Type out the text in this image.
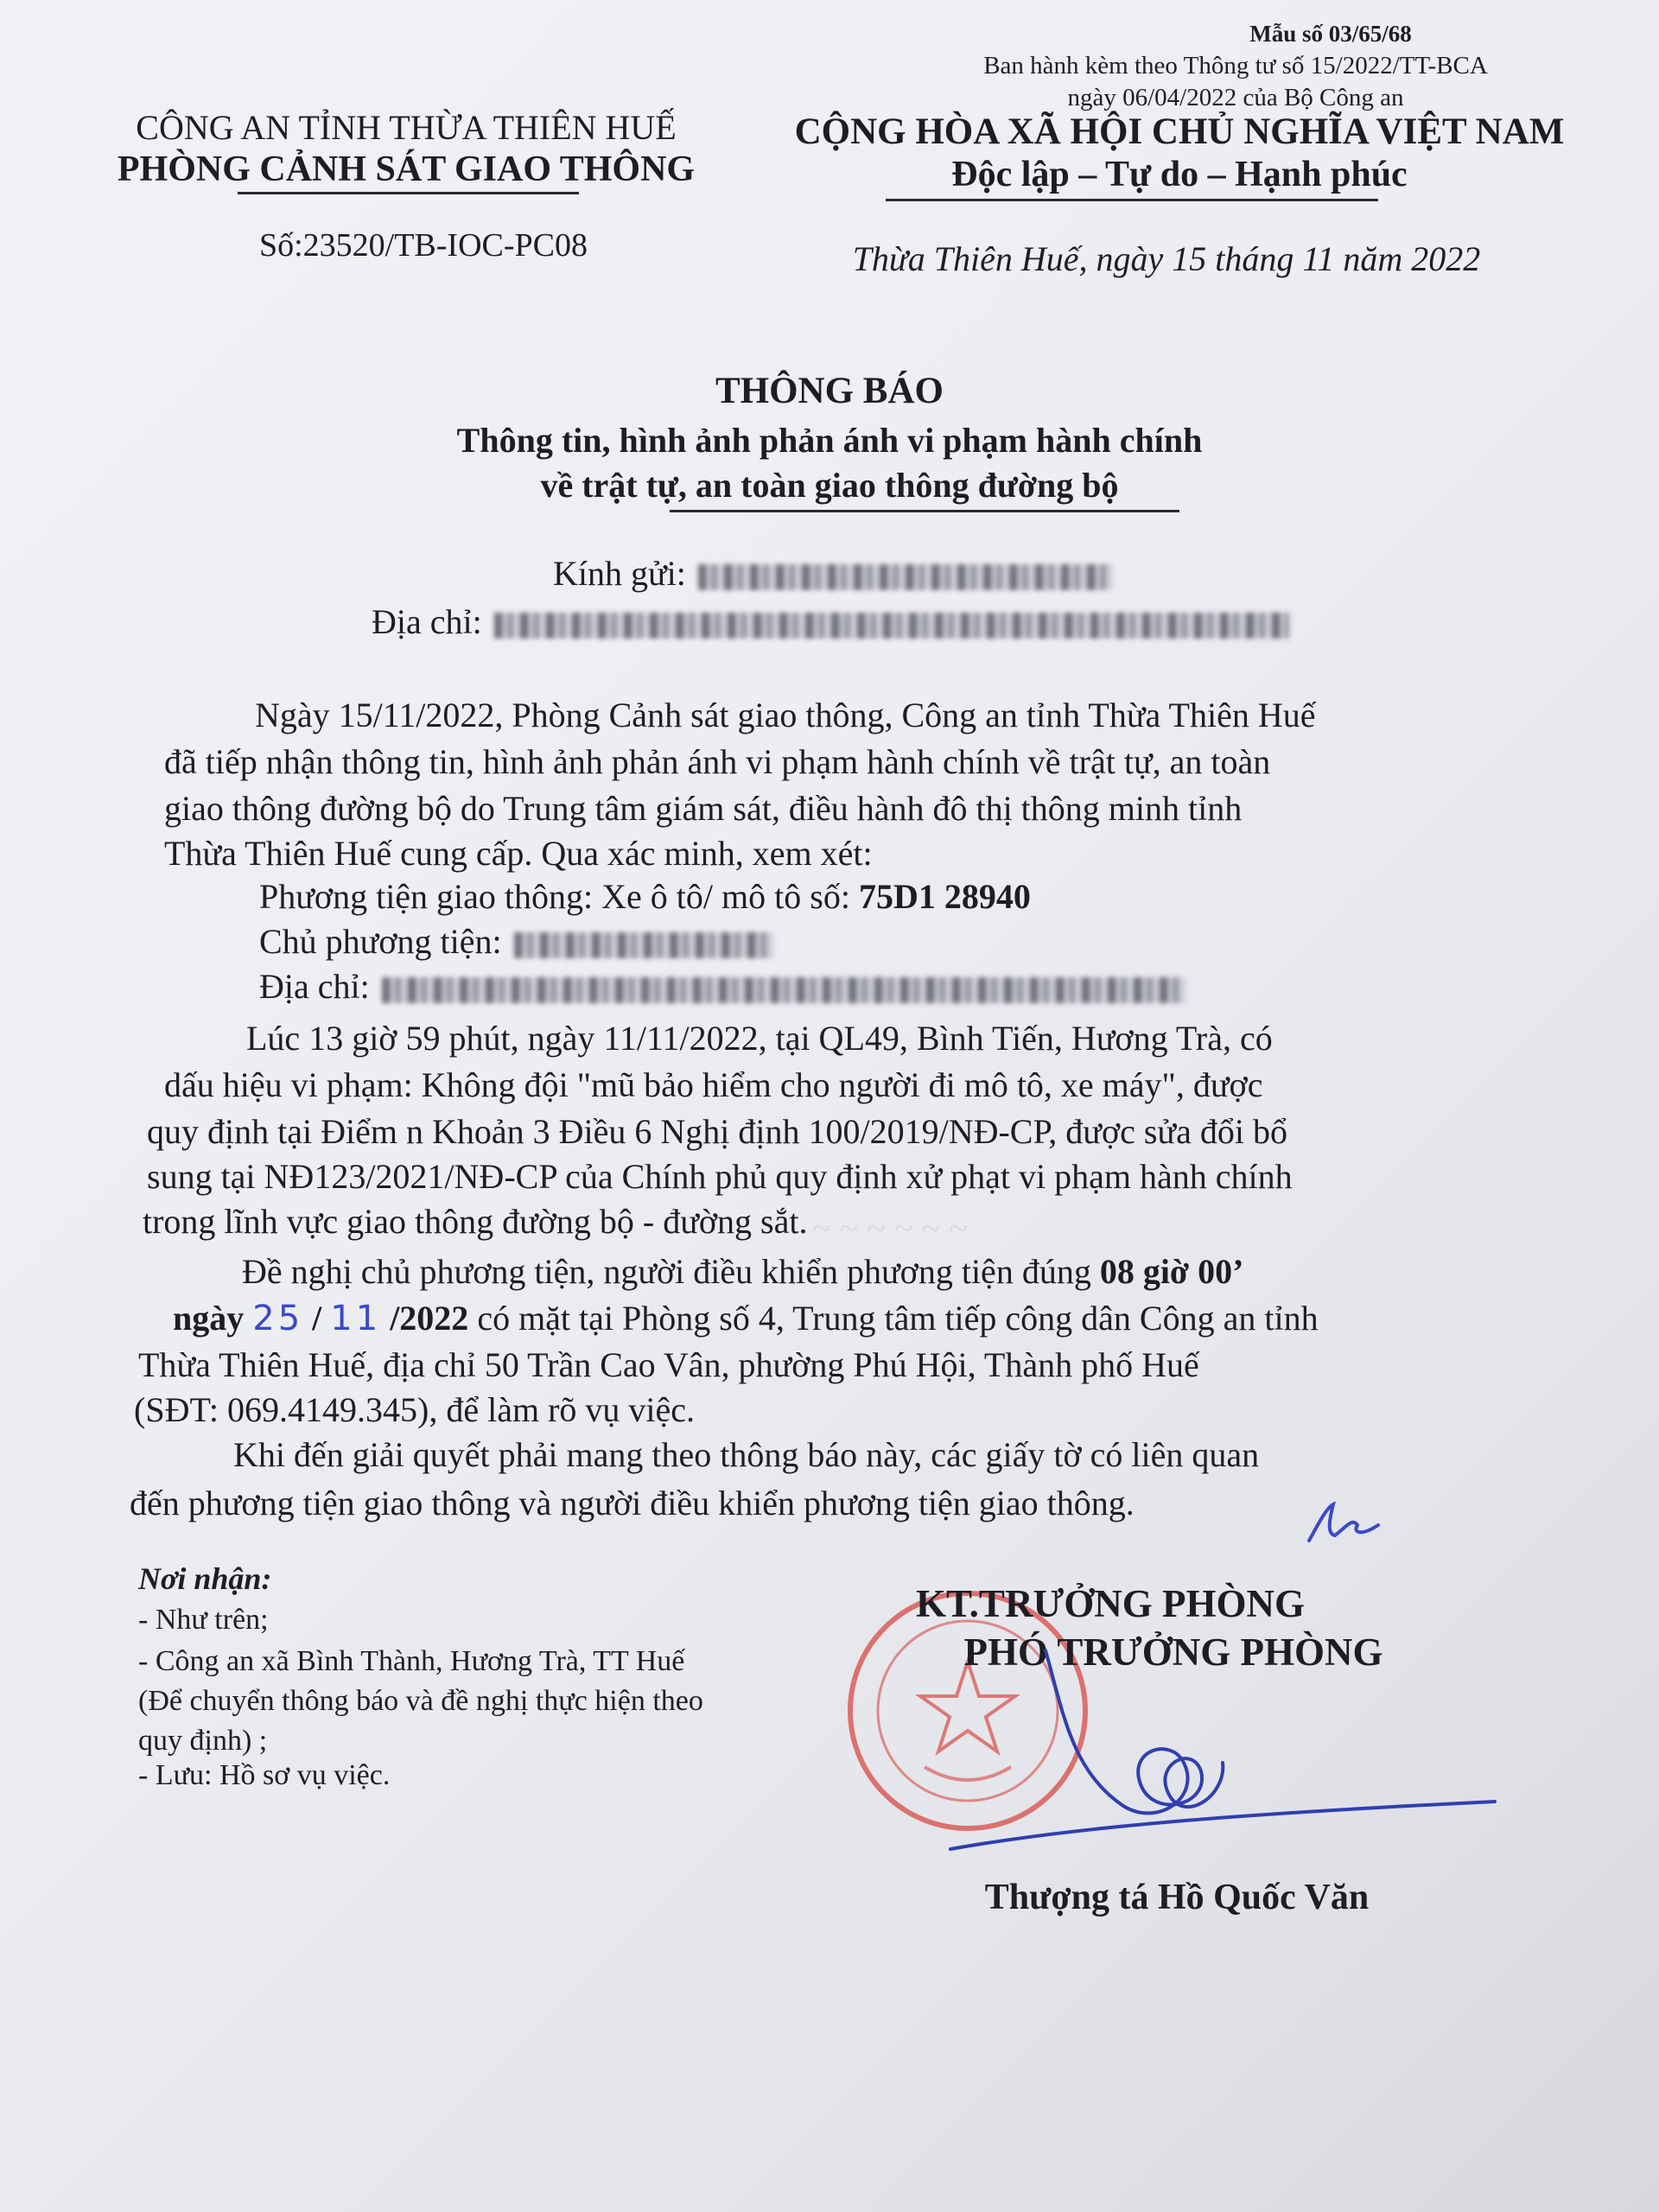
~ ~ ~ ~ ~ ~
Mẫu số 03/65/68
Ban hành kèm theo Thông tư số 15/2022/TT-BCA
ngày 06/04/2022 của Bộ Công an
CÔNG AN TỈNH THỪA THIÊN HUẾ
PHÒNG CẢNH SÁT GIAO THÔNG
CỘNG HÒA XÃ HỘI CHỦ NGHĨA VIỆT NAM
Độc lập – Tự do – Hạnh phúc
Số:23520/TB-IOC-PC08	Thừa Thiên Huế, ngày 15 tháng 11 năm 2022
THÔNG BÁO
Thông tin, hình ảnh phản ánh vi phạm hành chính
về trật tự, an toàn giao thông đường bộ
Kính gửi:
Địa chỉ:
Ngày 15/11/2022, Phòng Cảnh sát giao thông, Công an tỉnh Thừa Thiên Huế
đã tiếp nhận thông tin, hình ảnh phản ánh vi phạm hành chính về trật tự, an toàn
giao thông đường bộ do Trung tâm giám sát, điều hành đô thị thông minh tỉnh
Thừa Thiên Huế cung cấp. Qua xác minh, xem xét:
Phương tiện giao thông: Xe ô tô/ mô tô số: 75D1 28940
Chủ phương tiện:
Địa chỉ:
Lúc 13 giờ 59 phút, ngày 11/11/2022, tại QL49, Bình Tiến, Hương Trà, có
dấu hiệu vi phạm: Không đội "mũ bảo hiểm cho người đi mô tô, xe máy", được
quy định tại Điểm n Khoản 3 Điều 6 Nghị định 100/2019/NĐ-CP, được sửa đổi bổ
sung tại NĐ123/2021/NĐ-CP của Chính phủ quy định xử phạt vi phạm hành chính
trong lĩnh vực giao thông đường bộ - đường sắt.
Đề nghị chủ phương tiện, người điều khiển phương tiện đúng 08 giờ 00’
ngày 25 / 11 /2022 có mặt tại Phòng số 4, Trung tâm tiếp công dân Công an tỉnh
Thừa Thiên Huế, địa chỉ 50 Trần Cao Vân, phường Phú Hội, Thành phố Huế
(SĐT: 069.4149.345), để làm rõ vụ việc.
Khi đến giải quyết phải mang theo thông báo này, các giấy tờ có liên quan
đến phương tiện giao thông và người điều khiển phương tiện giao thông.
Nơi nhận:
- Như trên;
- Công an xã Bình Thành, Hương Trà, TT Huế
(Để chuyển thông báo và đề nghị thực hiện theo
quy định) ;
- Lưu: Hồ sơ vụ việc.
KT.TRƯỞNG PHÒNG
PHÓ TRƯỞNG PHÒNG
Thượng tá Hồ Quốc Văn
